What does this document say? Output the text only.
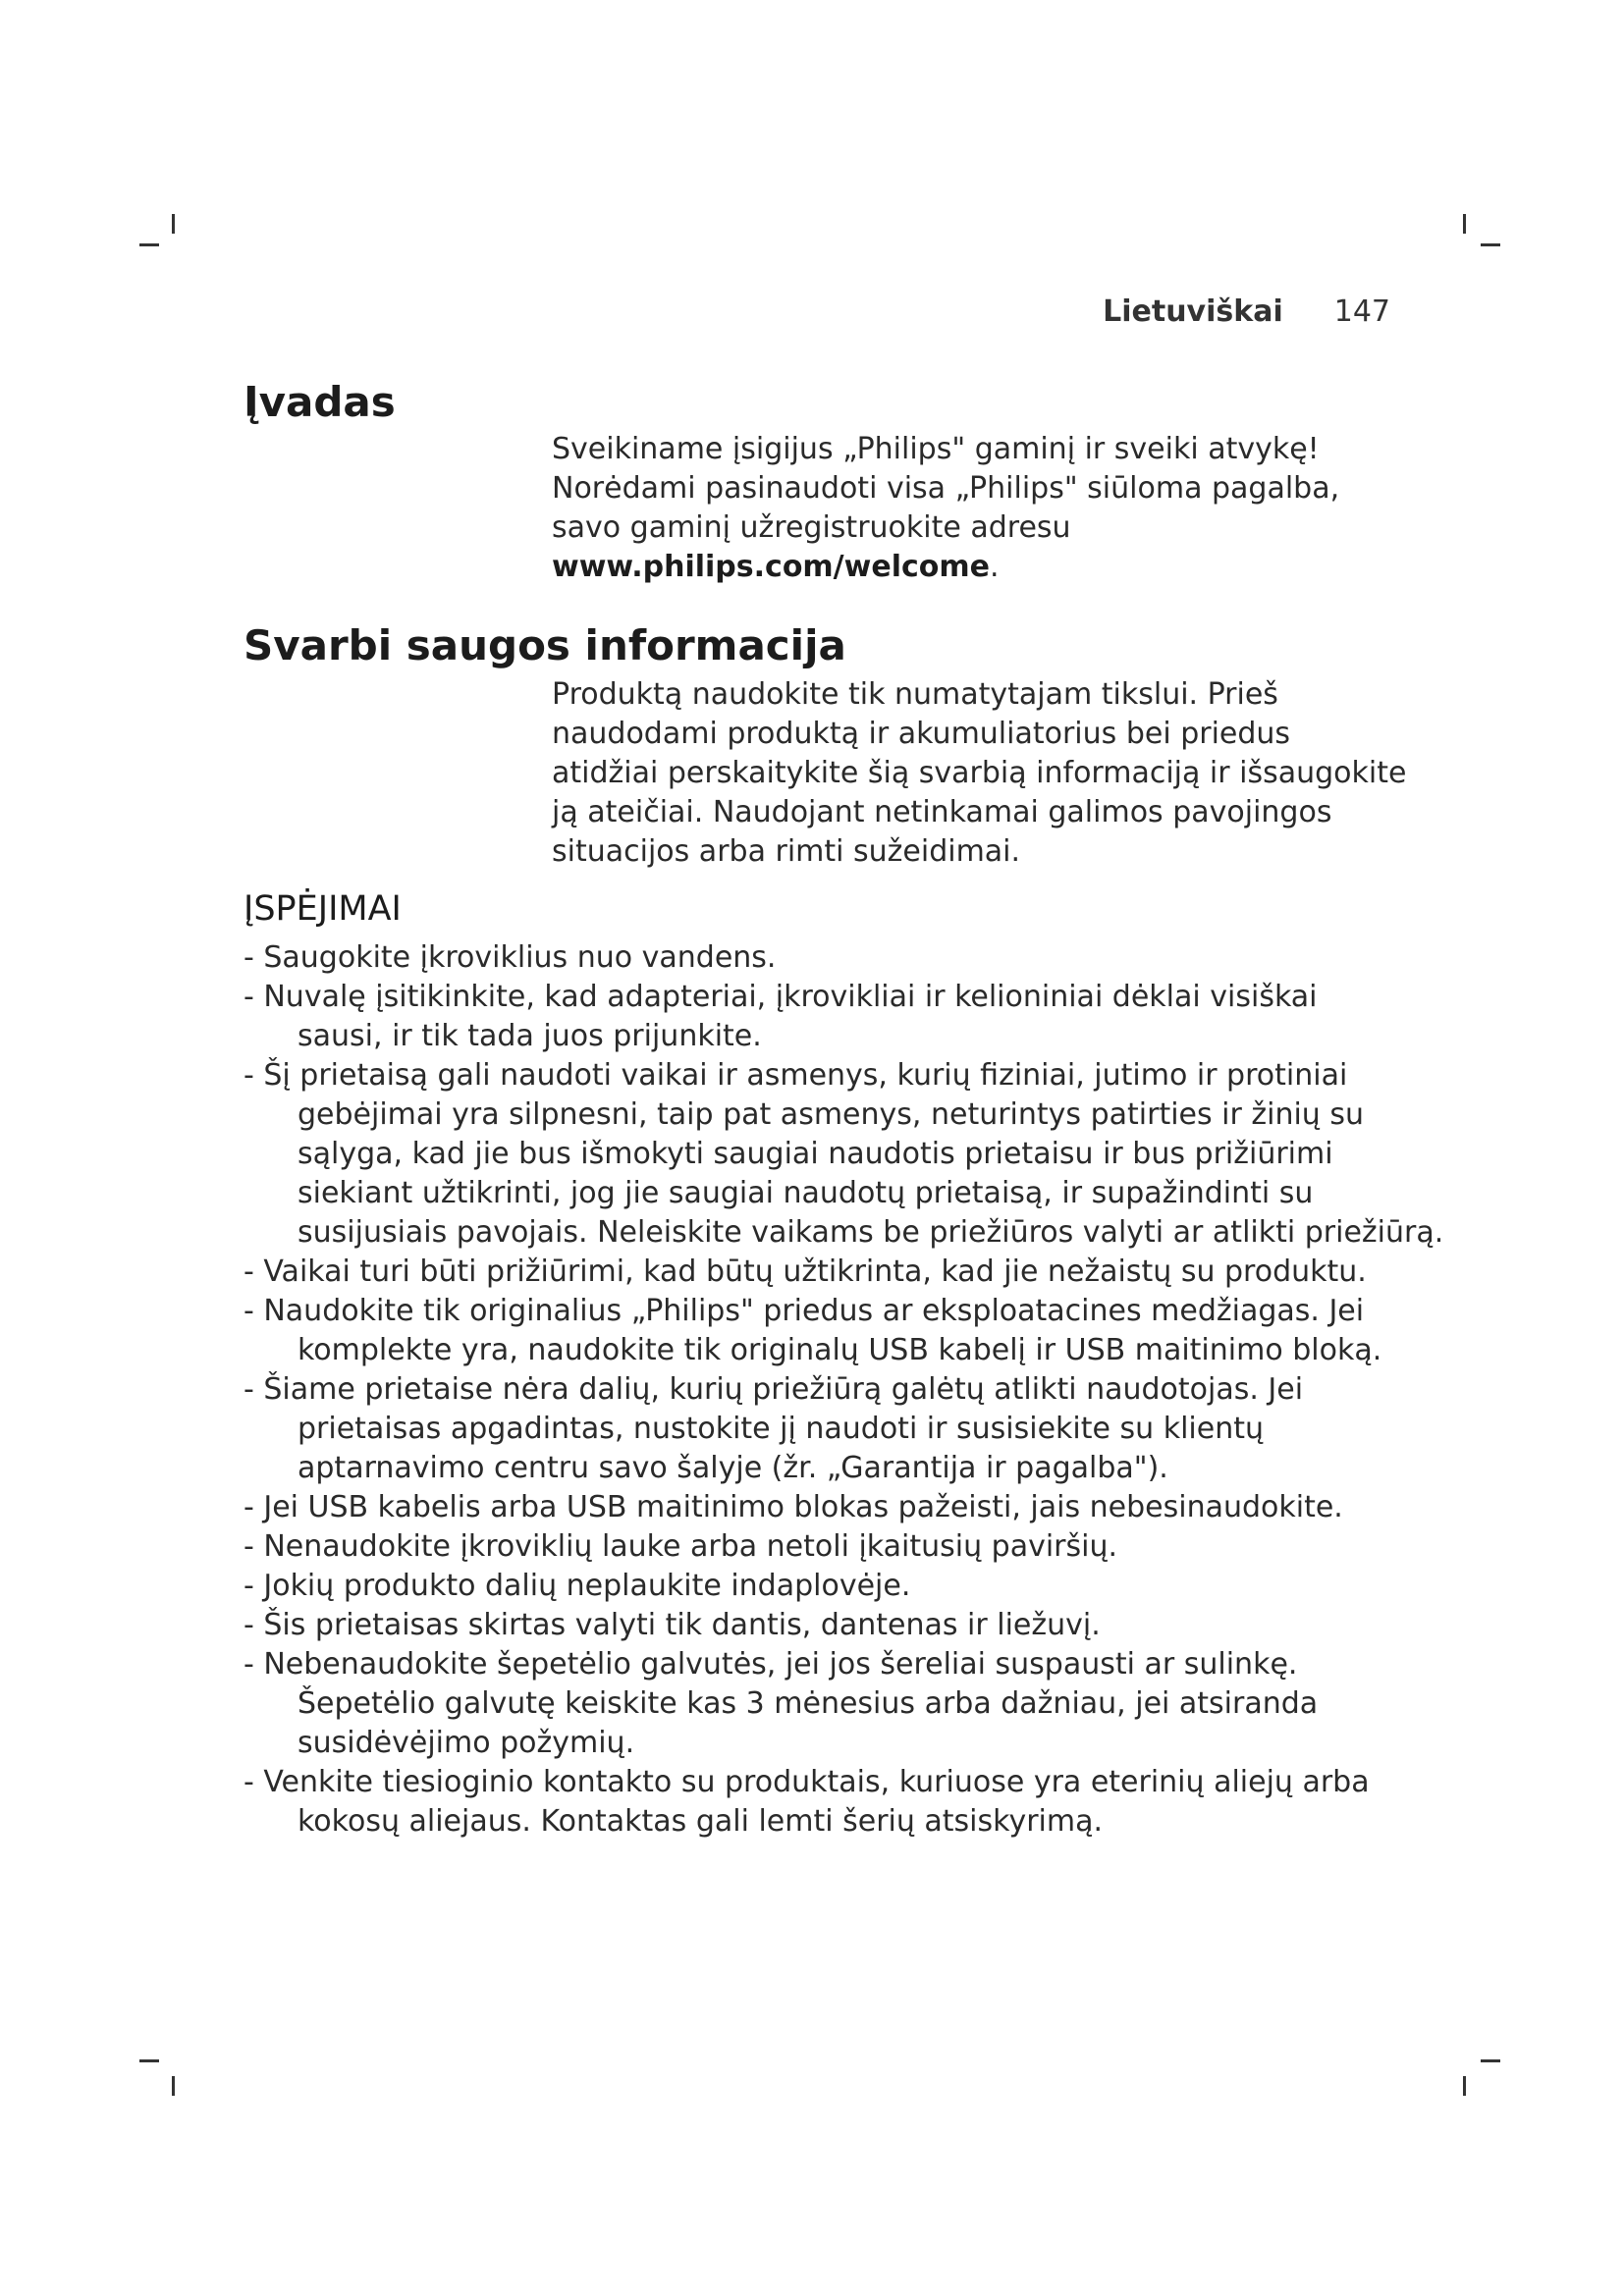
Lietuviškai 147
Įvadas
Sveikiname įsigijus „Philips" gaminį ir sveiki atvykę!
Norėdami pasinaudoti visa „Philips" siūloma pagalba,
savo gaminį užregistruokite adresu
www.philips.com/welcome.
Svarbi saugos informacija
Produktą naudokite tik numatytajam tikslui. Prieš
naudodami produktą ir akumuliatorius bei priedus
atidžiai perskaitykite šią svarbią informaciją ir išsaugokite
ją ateičiai. Naudojant netinkamai galimos pavojingos
situacijos arba rimti sužeidimai.
ĮSPĖJIMAI
- Saugokite įkroviklius nuo vandens.
- Nuvalę įsitikinkite, kad adapteriai, įkrovikliai ir kelioniniai dėklai visiškai
sausi, ir tik tada juos prijunkite.
- Šį prietaisą gali naudoti vaikai ir asmenys, kurių fiziniai, jutimo ir protiniai
gebėjimai yra silpnesni, taip pat asmenys, neturintys patirties ir žinių su
sąlyga, kad jie bus išmokyti saugiai naudotis prietaisu ir bus prižiūrimi
siekiant užtikrinti, jog jie saugiai naudotų prietaisą, ir supažindinti su
susijusiais pavojais. Neleiskite vaikams be priežiūros valyti ar atlikti priežiūrą.
- Vaikai turi būti prižiūrimi, kad būtų užtikrinta, kad jie nežaistų su produktu.
- Naudokite tik originalius „Philips" priedus ar eksploatacines medžiagas. Jei
komplekte yra, naudokite tik originalų USB kabelį ir USB maitinimo bloką.
- Šiame prietaise nėra dalių, kurių priežiūrą galėtų atlikti naudotojas. Jei
prietaisas apgadintas, nustokite jį naudoti ir susisiekite su klientų
aptarnavimo centru savo šalyje (žr. „Garantija ir pagalba").
- Jei USB kabelis arba USB maitinimo blokas pažeisti, jais nebesinaudokite.
- Nenaudokite įkroviklių lauke arba netoli įkaitusių paviršių.
- Jokių produkto dalių neplaukite indaplovėje.
- Šis prietaisas skirtas valyti tik dantis, dantenas ir liežuvį.
- Nebenaudokite šepetėlio galvutės, jei jos šereliai suspausti ar sulinkę.
Šepetėlio galvutę keiskite kas 3 mėnesius arba dažniau, jei atsiranda
susidėvėjimo požymių.
- Venkite tiesioginio kontakto su produktais, kuriuose yra eterinių aliejų arba
kokosų aliejaus. Kontaktas gali lemti šerių atsiskyrimą.
